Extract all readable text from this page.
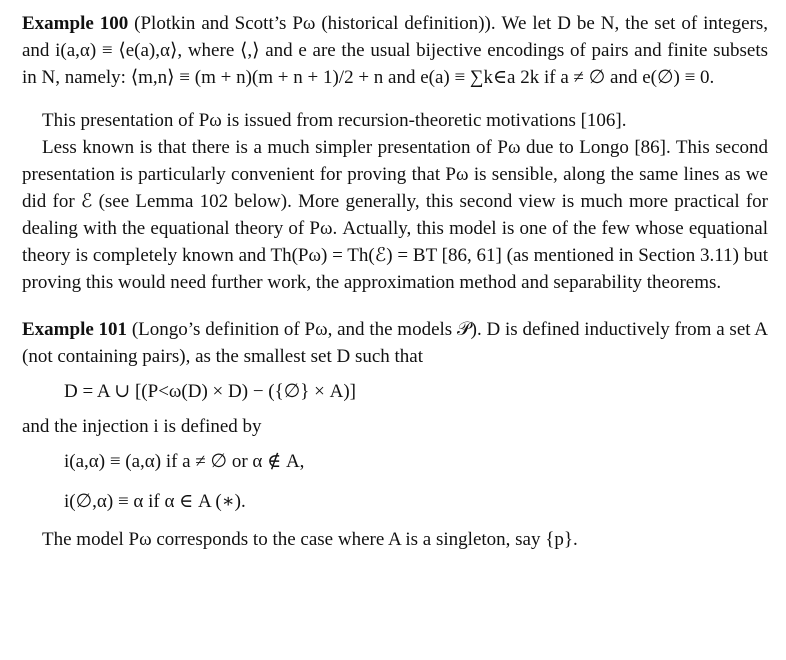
Example 100 (Plotkin and Scott’s Pω (historical definition)). We let D be N, the set of integers, and i(a,α) ≡ ⟨e(a),α⟩, where ⟨,⟩ and e are the usual bijective encodings of pairs and finite subsets in N, namely: ⟨m,n⟩ ≡ (m + n)(m + n + 1)/2 + n and e(a) ≡ ∑k∈a 2k if a ≠ ∅ and e(∅) ≡ 0.

This presentation of Pω is issued from recursion-theoretic motivations [106].

Less known is that there is a much simpler presentation of Pω due to Longo [86]. This second presentation is particularly convenient for proving that Pω is sensible, along the same lines as we did for ℰ (see Lemma 102 below). More generally, this second view is much more practical for dealing with the equational theory of Pω. Actually, this model is one of the few whose equational theory is completely known and Th(Pω) = Th(ℰ) = BT [86, 61] (as mentioned in Section 3.11) but proving this would need further work, the approximation method and separability theorems.

Example 101 (Longo’s definition of Pω, and the models 𝒫). D is defined inductively from a set A (not containing pairs), as the smallest set D such that

D = A ∪ [(P<ω(D) × D) − ({∅} × A)]

and the injection i is defined by

i(a,α) ≡ (a,α) if a ≠ ∅ or α ∉ A,

i(∅,α) ≡ α if α ∈ A (∗).

The model Pω corresponds to the case where A is a singleton, say {p}.
